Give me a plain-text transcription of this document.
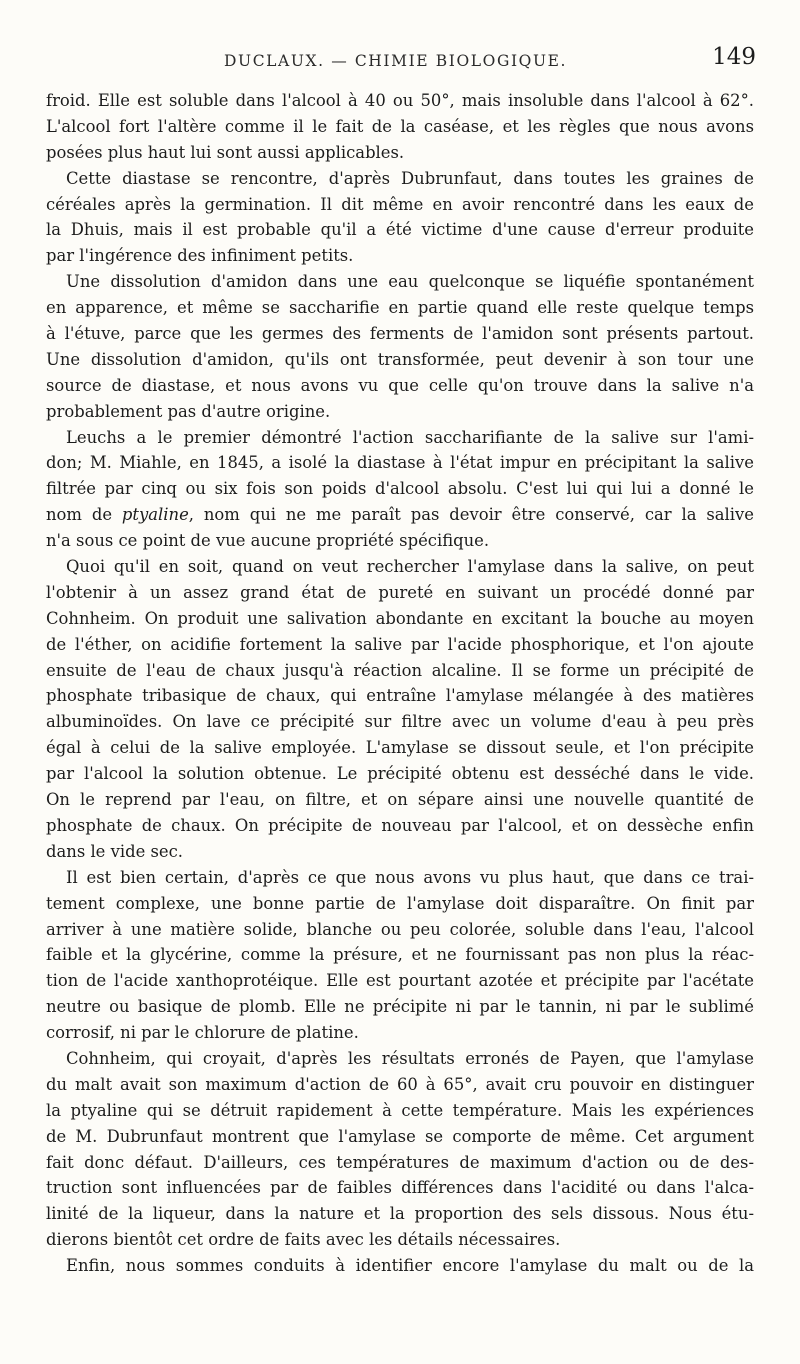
DUCLAUX. — CHIMIE BIOLOGIQUE.	149
froid. Elle est soluble dans l'alcool à 40 ou 50°, mais insoluble dans l'alcool à 62°.
L'alcool fort l'altère comme il le fait de la caséase, et les règles que nous avons
posées plus haut lui sont aussi applicables.
Cette diastase se rencontre, d'après Dubrunfaut, dans toutes les graines de
céréales après la germination. Il dit même en avoir rencontré dans les eaux de
la Dhuis, mais il est probable qu'il a été victime d'une cause d'erreur produite
par l'ingérence des infiniment petits.
Une dissolution d'amidon dans une eau quelconque se liquéfie spontanément
en apparence, et même se saccharifie en partie quand elle reste quelque temps
à l'étuve, parce que les germes des ferments de l'amidon sont présents partout.
Une dissolution d'amidon, qu'ils ont transformée, peut devenir à son tour une
source de diastase, et nous avons vu que celle qu'on trouve dans la salive n'a
probablement pas d'autre origine.
Leuchs a le premier démontré l'action saccharifiante de la salive sur l'ami-
don; M. Miahle, en 1845, a isolé la diastase à l'état impur en précipitant la salive
filtrée par cinq ou six fois son poids d'alcool absolu. C'est lui qui lui a donné le
nom de ptyaline, nom qui ne me paraît pas devoir être conservé, car la salive
n'a sous ce point de vue aucune propriété spécifique.
Quoi qu'il en soit, quand on veut rechercher l'amylase dans la salive, on peut
l'obtenir à un assez grand état de pureté en suivant un procédé donné par
Cohnheim. On produit une salivation abondante en excitant la bouche au moyen
de l'éther, on acidifie fortement la salive par l'acide phosphorique, et l'on ajoute
ensuite de l'eau de chaux jusqu'à réaction alcaline. Il se forme un précipité de
phosphate tribasique de chaux, qui entraîne l'amylase mélangée à des matières
albuminoïdes. On lave ce précipité sur filtre avec un volume d'eau à peu près
égal à celui de la salive employée. L'amylase se dissout seule, et l'on précipite
par l'alcool la solution obtenue. Le précipité obtenu est desséché dans le vide.
On le reprend par l'eau, on filtre, et on sépare ainsi une nouvelle quantité de
phosphate de chaux. On précipite de nouveau par l'alcool, et on dessèche enfin
dans le vide sec.
Il est bien certain, d'après ce que nous avons vu plus haut, que dans ce trai-
tement complexe, une bonne partie de l'amylase doit disparaître. On finit par
arriver à une matière solide, blanche ou peu colorée, soluble dans l'eau, l'alcool
faible et la glycérine, comme la présure, et ne fournissant pas non plus la réac-
tion de l'acide xanthoprotéique. Elle est pourtant azotée et précipite par l'acétate
neutre ou basique de plomb. Elle ne précipite ni par le tannin, ni par le sublimé
corrosif, ni par le chlorure de platine.
Cohnheim, qui croyait, d'après les résultats erronés de Payen, que l'amylase
du malt avait son maximum d'action de 60 à 65°, avait cru pouvoir en distinguer
la ptyaline qui se détruit rapidement à cette température. Mais les expériences
de M. Dubrunfaut montrent que l'amylase se comporte de même. Cet argument
fait donc défaut. D'ailleurs, ces températures de maximum d'action ou de des-
truction sont influencées par de faibles différences dans l'acidité ou dans l'alca-
linité de la liqueur, dans la nature et la proportion des sels dissous. Nous étu-
dierons bientôt cet ordre de faits avec les détails nécessaires.
Enfin, nous sommes conduits à identifier encore l'amylase du malt ou de la
